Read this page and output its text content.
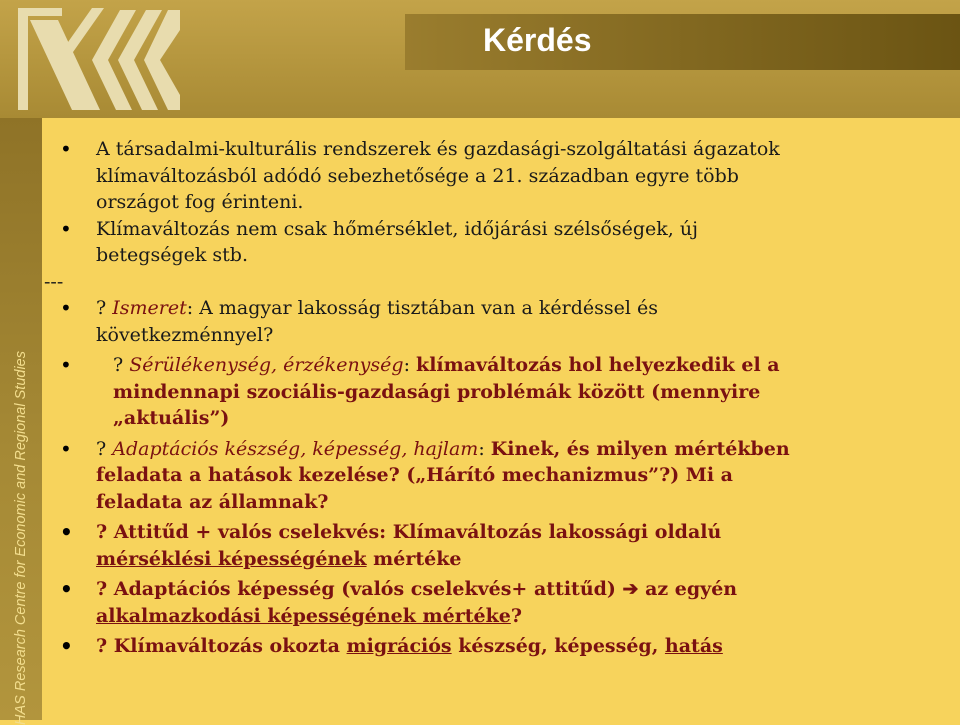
Kérdés
HAS Research Centre for Economic and Regional Studies
• A társadalmi-kulturális rendszerek és gazdasági-szolgáltatási ágazatok
klímaváltozásból adódó sebezhetősége a 21. században egyre több
országot fog érinteni.
• Klímaváltozás nem csak hőmérséklet, időjárási szélsőségek, új
betegségek stb.
---
• ? Ismeret: A magyar lakosság tisztában van a kérdéssel és
következménnyel?
• ? Sérülékenység, érzékenység: klímaváltozás hol helyezkedik el a
mindennapi szociális-gazdasági problémák között (mennyire
„aktuális”)
• ? Adaptációs készség, képesség, hajlam: Kinek, és milyen mértékben
feladata a hatások kezelése? („Hárító mechanizmus”?) Mi a
feladata az államnak?
• ? Attitűd + valós cselekvés: Klímaváltozás lakossági oldalú
mérséklési képességének mértéke
• ? Adaptációs képesség (valós cselekvés+ attitűd) ➔ az egyén
alkalmazkodási képességének mértéke?
• ? Klímaváltozás okozta migrációs készség, képesség, hatás
